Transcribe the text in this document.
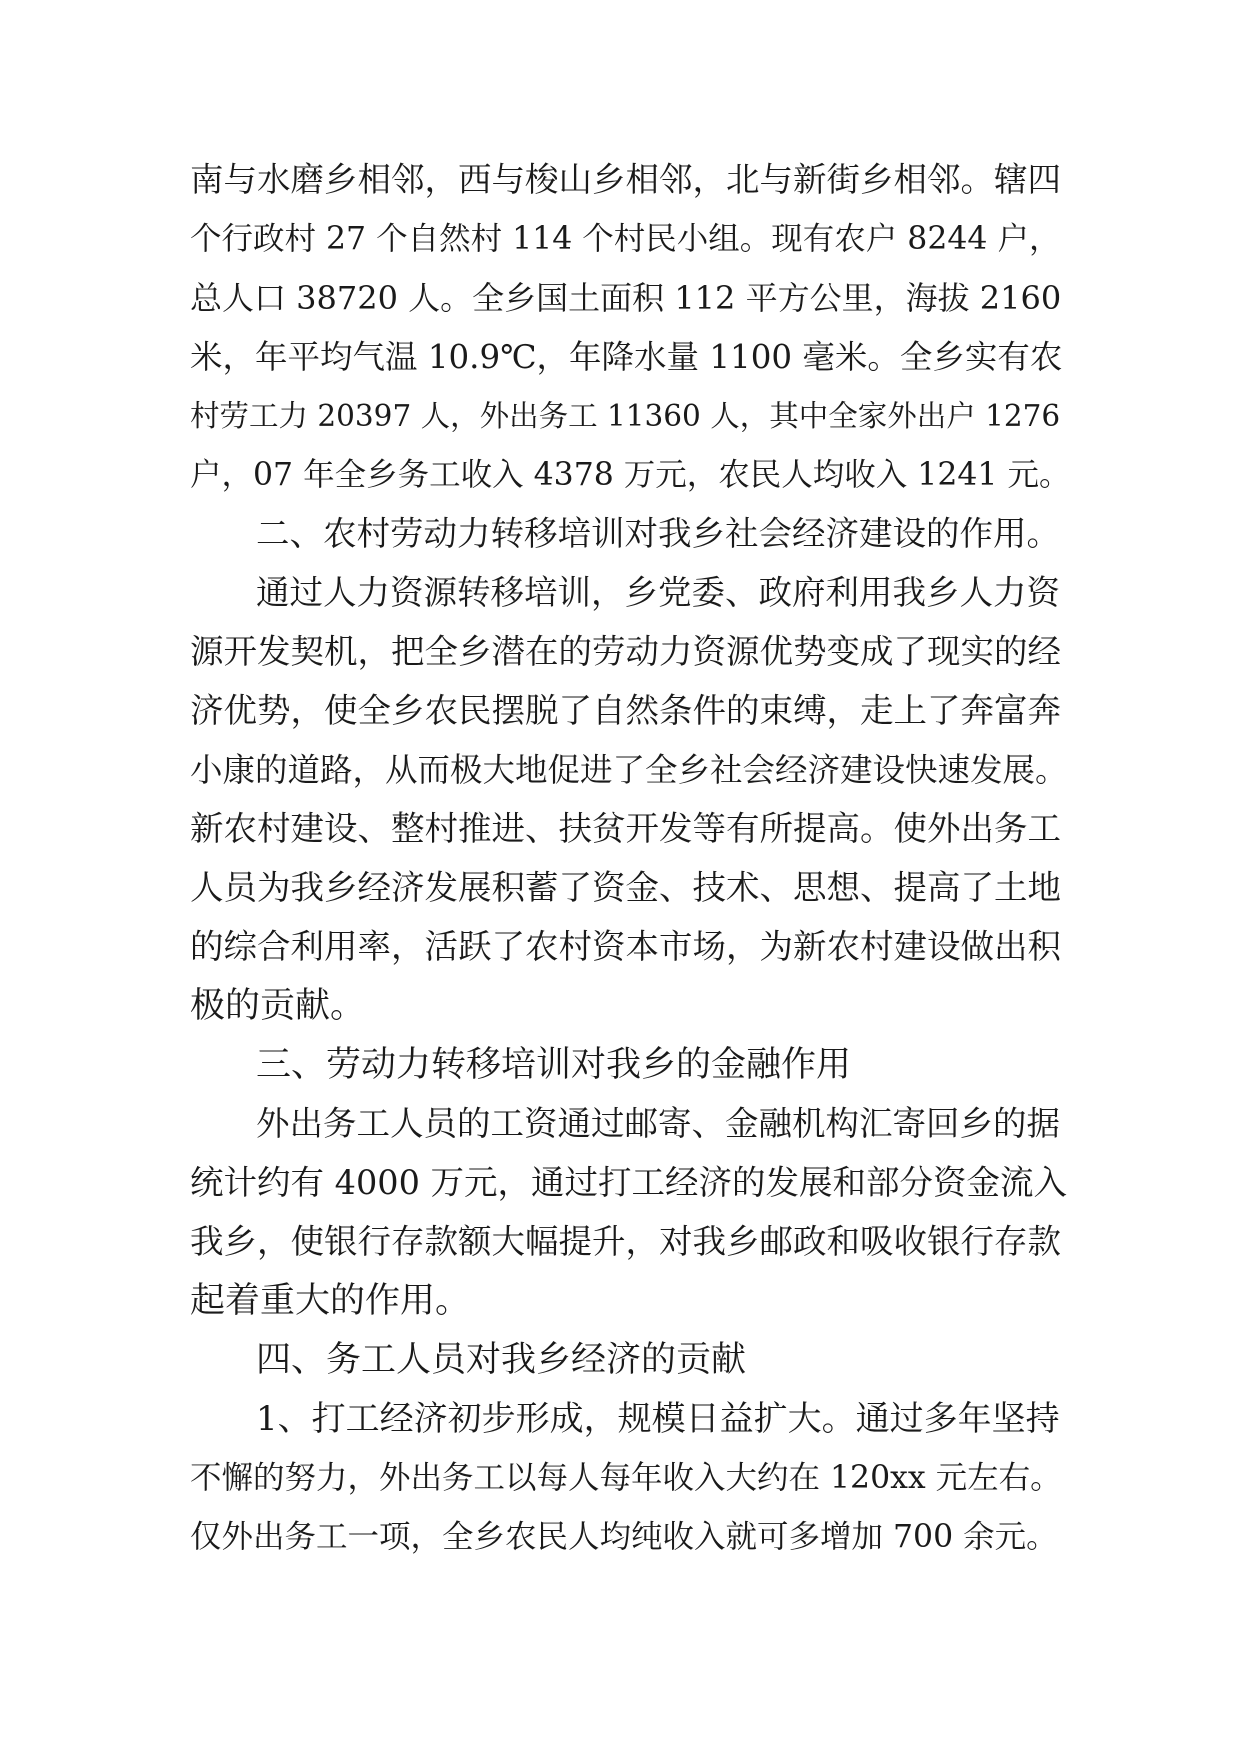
南与水磨乡相邻，西与梭山乡相邻，北与新街乡相邻。辖四
个行政村 27 个自然村 114 个村民小组。现有农户 8244 户，
总人口 38720 人。全乡国土面积 112 平方公里，海拔 2160
米，年平均气温 10.9℃，年降水量 1100 毫米。全乡实有农
村劳工力 20397 人，外出务工 11360 人，其中全家外出户 1276
户，07 年全乡务工收入 4378 万元，农民人均收入 1241 元。
二、农村劳动力转移培训对我乡社会经济建设的作用。
通过人力资源转移培训，乡党委、政府利用我乡人力资
源开发契机，把全乡潜在的劳动力资源优势变成了现实的经
济优势，使全乡农民摆脱了自然条件的束缚，走上了奔富奔
小康的道路，从而极大地促进了全乡社会经济建设快速发展。
新农村建设、整村推进、扶贫开发等有所提高。使外出务工
人员为我乡经济发展积蓄了资金、技术、思想、提高了土地
的综合利用率，活跃了农村资本市场，为新农村建设做出积
极的贡献。
三、劳动力转移培训对我乡的金融作用
外出务工人员的工资通过邮寄、金融机构汇寄回乡的据
统计约有 4000 万元，通过打工经济的发展和部分资金流入
我乡，使银行存款额大幅提升，对我乡邮政和吸收银行存款
起着重大的作用。
四、务工人员对我乡经济的贡献
1、打工经济初步形成，规模日益扩大。通过多年坚持
不懈的努力，外出务工以每人每年收入大约在 120xx 元左右。
仅外出务工一项，全乡农民人均纯收入就可多增加 700 余元。
